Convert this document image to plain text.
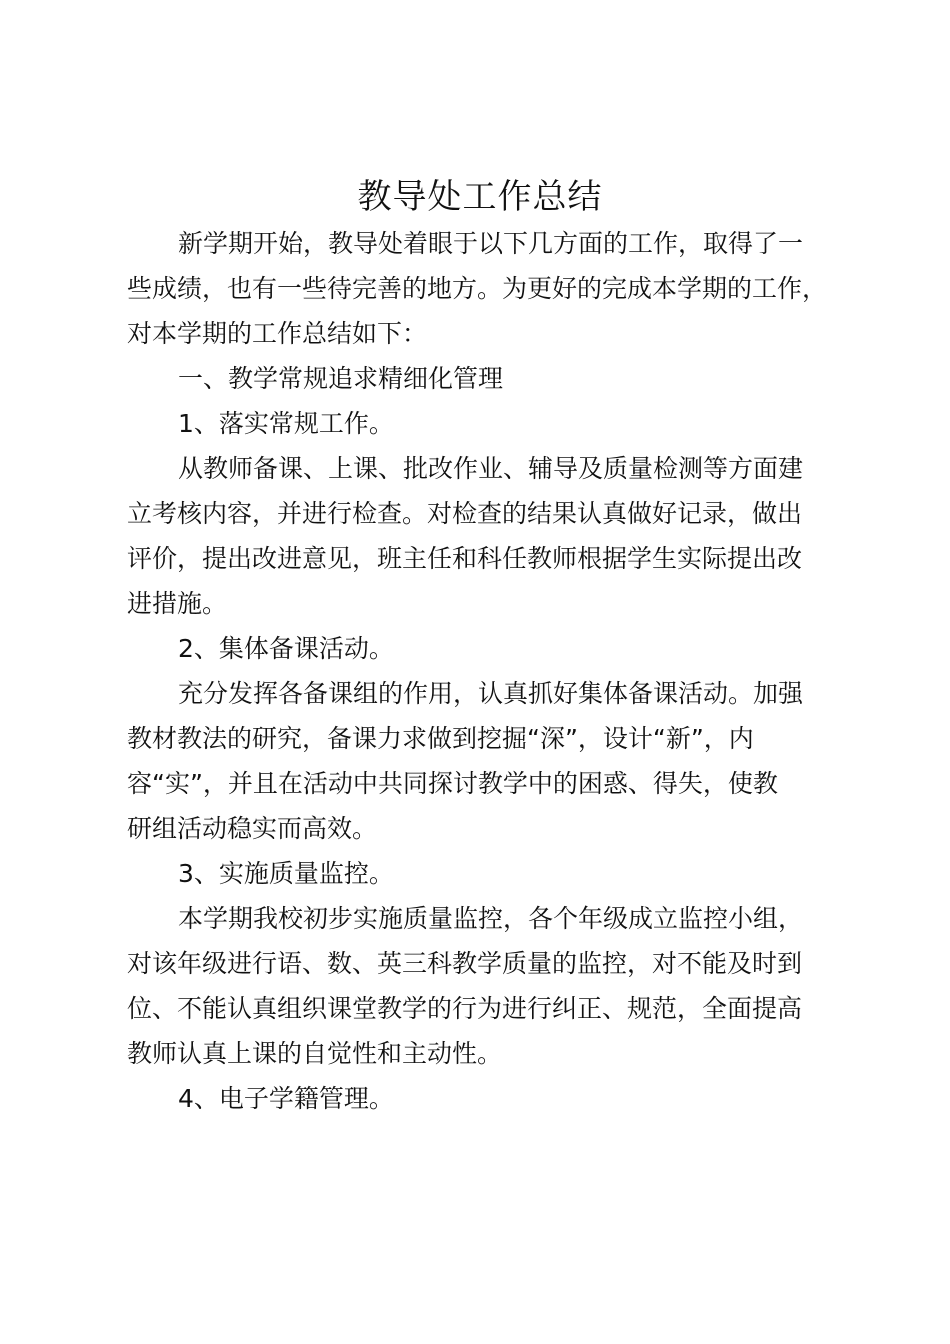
教导处工作总结
新学期开始，教导处着眼于以下几方面的工作，取得了一
些成绩，也有一些待完善的地方。为更好的完成本学期的工作，
对本学期的工作总结如下：
一、教学常规追求精细化管理
1、落实常规工作。
从教师备课、上课、批改作业、辅导及质量检测等方面建
立考核内容，并进行检查。对检查的结果认真做好记录，做出
评价，提出改进意见，班主任和科任教师根据学生实际提出改
进措施。
2、集体备课活动。
充分发挥各备课组的作用，认真抓好集体备课活动。加强
教材教法的研究，备课力求做到挖掘“深”，设计“新”，内
容“实”，并且在活动中共同探讨教学中的困惑、得失，使教
研组活动稳实而高效。
3、实施质量监控。
本学期我校初步实施质量监控，各个年级成立监控小组，
对该年级进行语、数、英三科教学质量的监控，对不能及时到
位、不能认真组织课堂教学的行为进行纠正、规范，全面提高
教师认真上课的自觉性和主动性。
4、电子学籍管理。
